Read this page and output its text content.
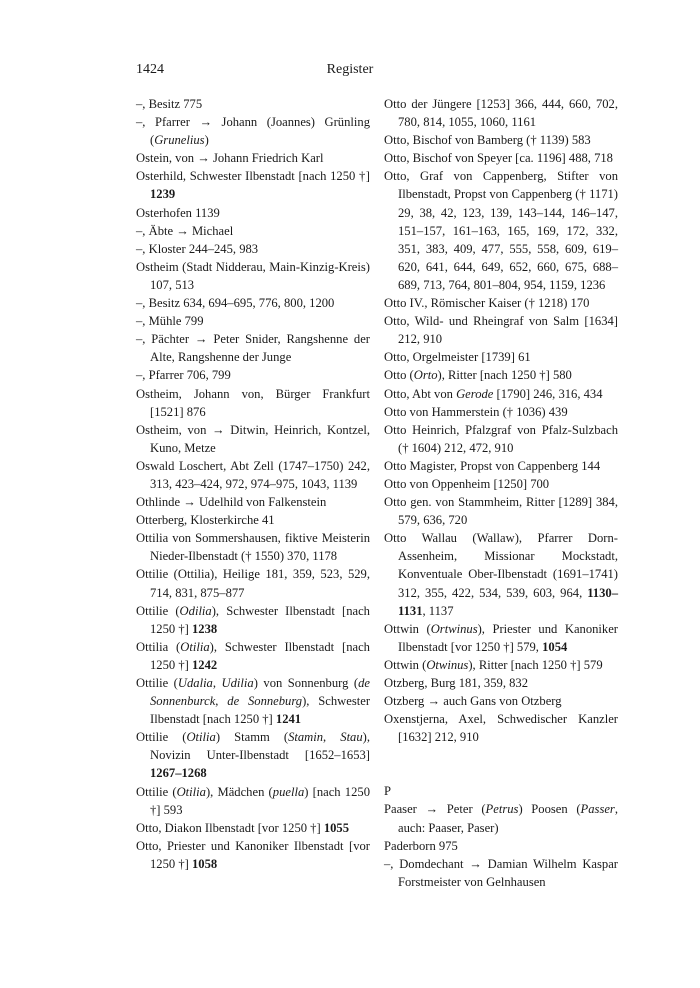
1424	Register
–, Besitz 775
–, Pfarrer → Johann (Joannes) Grünling (Grunelius)
Ostein, von → Johann Friedrich Karl
Osterhild, Schwester Ilbenstadt [nach 1250 †] 1239
Osterhofen 1139
–, Äbte → Michael
–, Kloster 244–245, 983
Ostheim (Stadt Nidderau, Main-Kinzig-Kreis) 107, 513
–, Besitz 634, 694–695, 776, 800, 1200
–, Mühle 799
–, Pächter → Peter Snider, Rangshenne der Alte, Rangshenne der Junge
–, Pfarrer 706, 799
Ostheim, Johann von, Bürger Frankfurt [1521] 876
Ostheim, von → Ditwin, Heinrich, Kontzel, Kuno, Metze
Oswald Loschert, Abt Zell (1747–1750) 242, 313, 423–424, 972, 974–975, 1043, 1139
Othlinde → Udelhild von Falkenstein
Otterberg, Klosterkirche 41
Ottilia von Sommershausen, fiktive Meisterin Nieder-Ilbenstadt († 1550) 370, 1178
Ottilie (Ottilia), Heilige 181, 359, 523, 529, 714, 831, 875–877
Ottilie (Odilia), Schwester Ilbenstadt [nach 1250 †] 1238
Ottilia (Otilia), Schwester Ilbenstadt [nach 1250 †] 1242
Ottilie (Udalia, Udilia) von Sonnenburg (de Sonnenburck, de Sonneburg), Schwester Ilbenstadt [nach 1250 †] 1241
Ottilie (Otilia) Stamm (Stamin, Stau), Novizin Unter-Ilbenstadt [1652–1653] 1267–1268
Ottilie (Otilia), Mädchen (puella) [nach 1250 †] 593
Otto, Diakon Ilbenstadt [vor 1250 †] 1055
Otto, Priester und Kanoniker Ilbenstadt [vor 1250 †] 1058
Otto der Jüngere [1253] 366, 444, 660, 702, 780, 814, 1055, 1060, 1161
Otto, Bischof von Bamberg († 1139) 583
Otto, Bischof von Speyer [ca. 1196] 488, 718
Otto, Graf von Cappenberg, Stifter von Ilbenstadt, Propst von Cappenberg († 1171) 29, 38, 42, 123, 139, 143–144, 146–147, 151–157, 161–163, 165, 169, 172, 332, 351, 383, 409, 477, 555, 558, 609, 619–620, 641, 644, 649, 652, 660, 675, 688–689, 713, 764, 801–804, 954, 1159, 1236
Otto IV., Römischer Kaiser († 1218) 170
Otto, Wild- und Rheingraf von Salm [1634] 212, 910
Otto, Orgelmeister [1739] 61
Otto (Orto), Ritter [nach 1250 †] 580
Otto, Abt von Gerode [1790] 246, 316, 434
Otto von Hammerstein († 1036) 439
Otto Heinrich, Pfalzgraf von Pfalz-Sulzbach († 1604) 212, 472, 910
Otto Magister, Propst von Cappenberg 144
Otto von Oppenheim [1250] 700
Otto gen. von Stammheim, Ritter [1289] 384, 579, 636, 720
Otto Wallau (Wallaw), Pfarrer Dorn-Assenheim, Missionar Mockstadt, Konventuale Ober-Ilbenstadt (1691–1741) 312, 355, 422, 534, 539, 603, 964, 1130–1131, 1137
Ottwin (Ortwinus), Priester und Kanoniker Ilbenstadt [vor 1250 †] 579, 1054
Ottwin (Otwinus), Ritter [nach 1250 †] 579
Otzberg, Burg 181, 359, 832
Otzberg → auch Gans von Otzberg
Oxenstjerna, Axel, Schwedischer Kanzler [1632] 212, 910
P
Paaser → Peter (Petrus) Poosen (Passer, auch: Paaser, Paser)
Paderborn 975
–, Domdechant → Damian Wilhelm Kaspar Forstmeister von Gelnhausen
